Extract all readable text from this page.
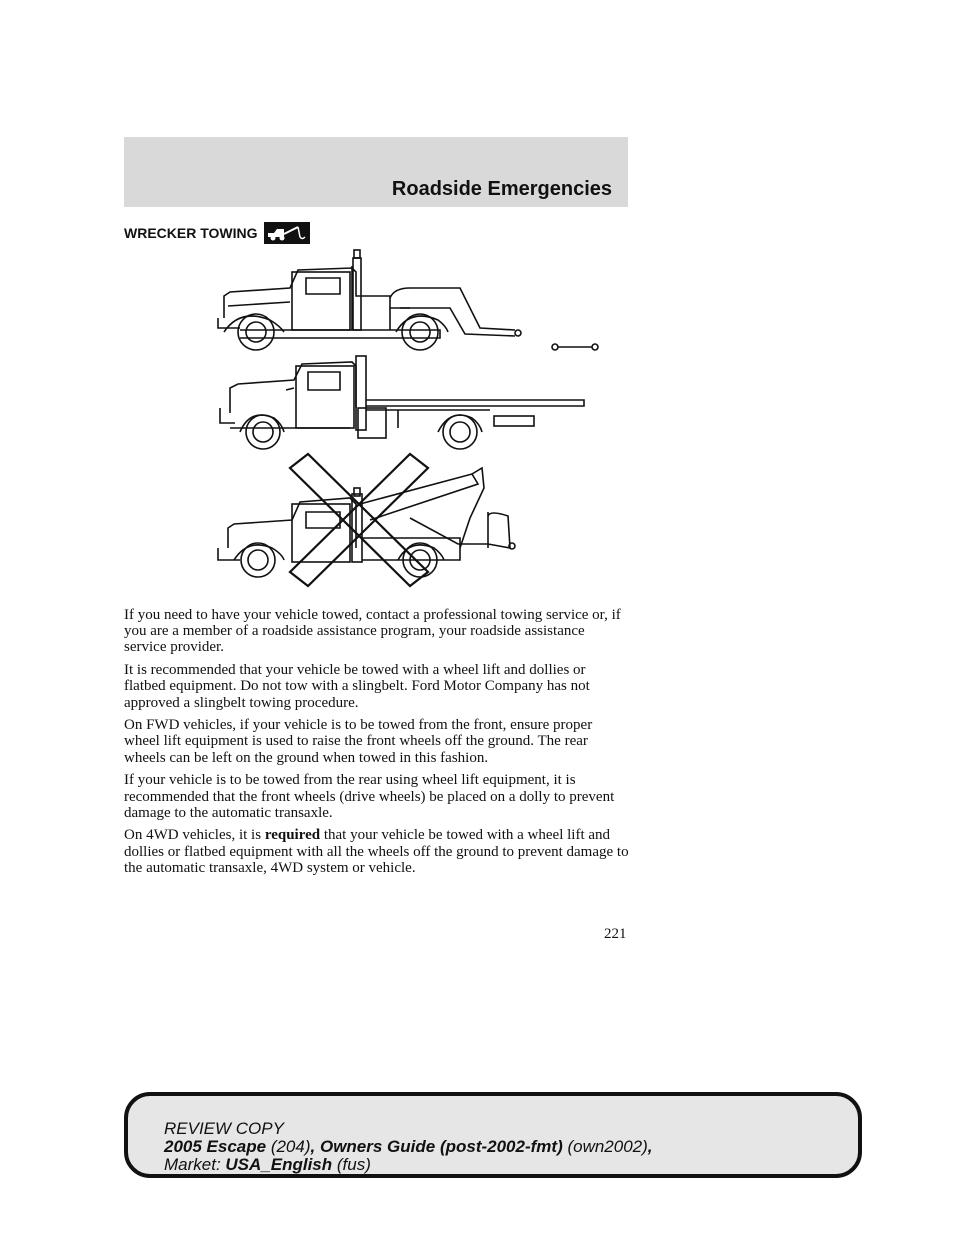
Roadside Emergencies
WRECKER TOWING

If you need to have your vehicle towed, contact a professional towing service or, if you are a member of a roadside assistance program, your roadside assistance service provider.

It is recommended that your vehicle be towed with a wheel lift and dollies or flatbed equipment. Do not tow with a slingbelt. Ford Motor Company has not approved a slingbelt towing procedure.

On FWD vehicles, if your vehicle is to be towed from the front, ensure proper wheel lift equipment is used to raise the front wheels off the ground. The rear wheels can be left on the ground when towed in this fashion.

If your vehicle is to be towed from the rear using wheel lift equipment, it is recommended that the front wheels (drive wheels) be placed on a dolly to prevent damage to the automatic transaxle.

On 4WD vehicles, it is required that your vehicle be towed with a wheel lift and dollies or flatbed equipment with all the wheels off the ground to prevent damage to the automatic transaxle, 4WD system or vehicle.

221
REVIEW COPY
2005 Escape (204), Owners Guide (post-2002-fmt) (own2002),
Market: USA_English (fus)
